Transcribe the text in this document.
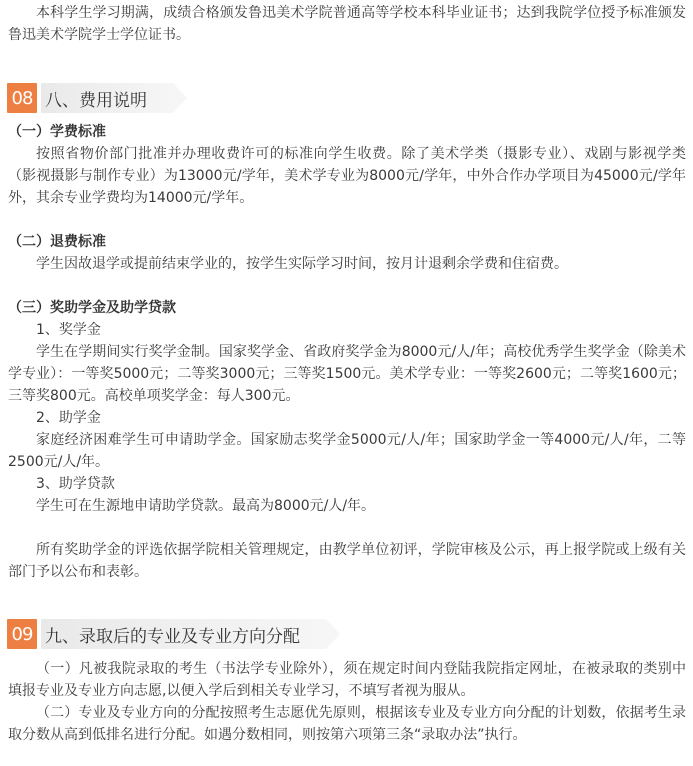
本科学生学习期满，成绩合格颁发鲁迅美术学院普通高等学校本科毕业证书；达到我院学位授予标准颁发鲁迅美术学院学士学位证书。

08 八、费用说明
（一）学费标准

按照省物价部门批准并办理收费许可的标准向学生收费。除了美术学类（摄影专业）、戏剧与影视学类（影视摄影与制作专业）为13000元/学年，美术学专业为8000元/学年，中外合作办学项目为45000元/学年外，其余专业学费均为14000元/学年。

（二）退费标准

学生因故退学或提前结束学业的，按学生实际学习时间，按月计退剩余学费和住宿费。

（三）奖助学金及助学贷款

1、奖学金

学生在学期间实行奖学金制。国家奖学金、省政府奖学金为8000元/人/年；高校优秀学生奖学金（除美术学专业）：一等奖5000元；二等奖3000元；三等奖1500元。美术学专业：一等奖2600元；二等奖1600元；三等奖800元。高校单项奖学金：每人300元。

2、助学金

家庭经济困难学生可申请助学金。国家励志奖学金5000元/人/年；国家助学金一等4000元/人/年，二等2500元/人/年。

3、助学贷款

学生可在生源地申请助学贷款。最高为8000元/人/年。

所有奖助学金的评选依据学院相关管理规定，由教学单位初评，学院审核及公示，再上报学院或上级有关部门予以公布和表彰。

09 九、录取后的专业及专业方向分配

（一）凡被我院录取的考生（书法学专业除外），须在规定时间内登陆我院指定网址，在被录取的类别中填报专业及专业方向志愿,以便入学后到相关专业学习，不填写者视为服从。

（二）专业及专业方向的分配按照考生志愿优先原则，根据该专业及专业方向分配的计划数，依据考生录取分数从高到低排名进行分配。如遇分数相同，则按第六项第三条“录取办法”执行。
